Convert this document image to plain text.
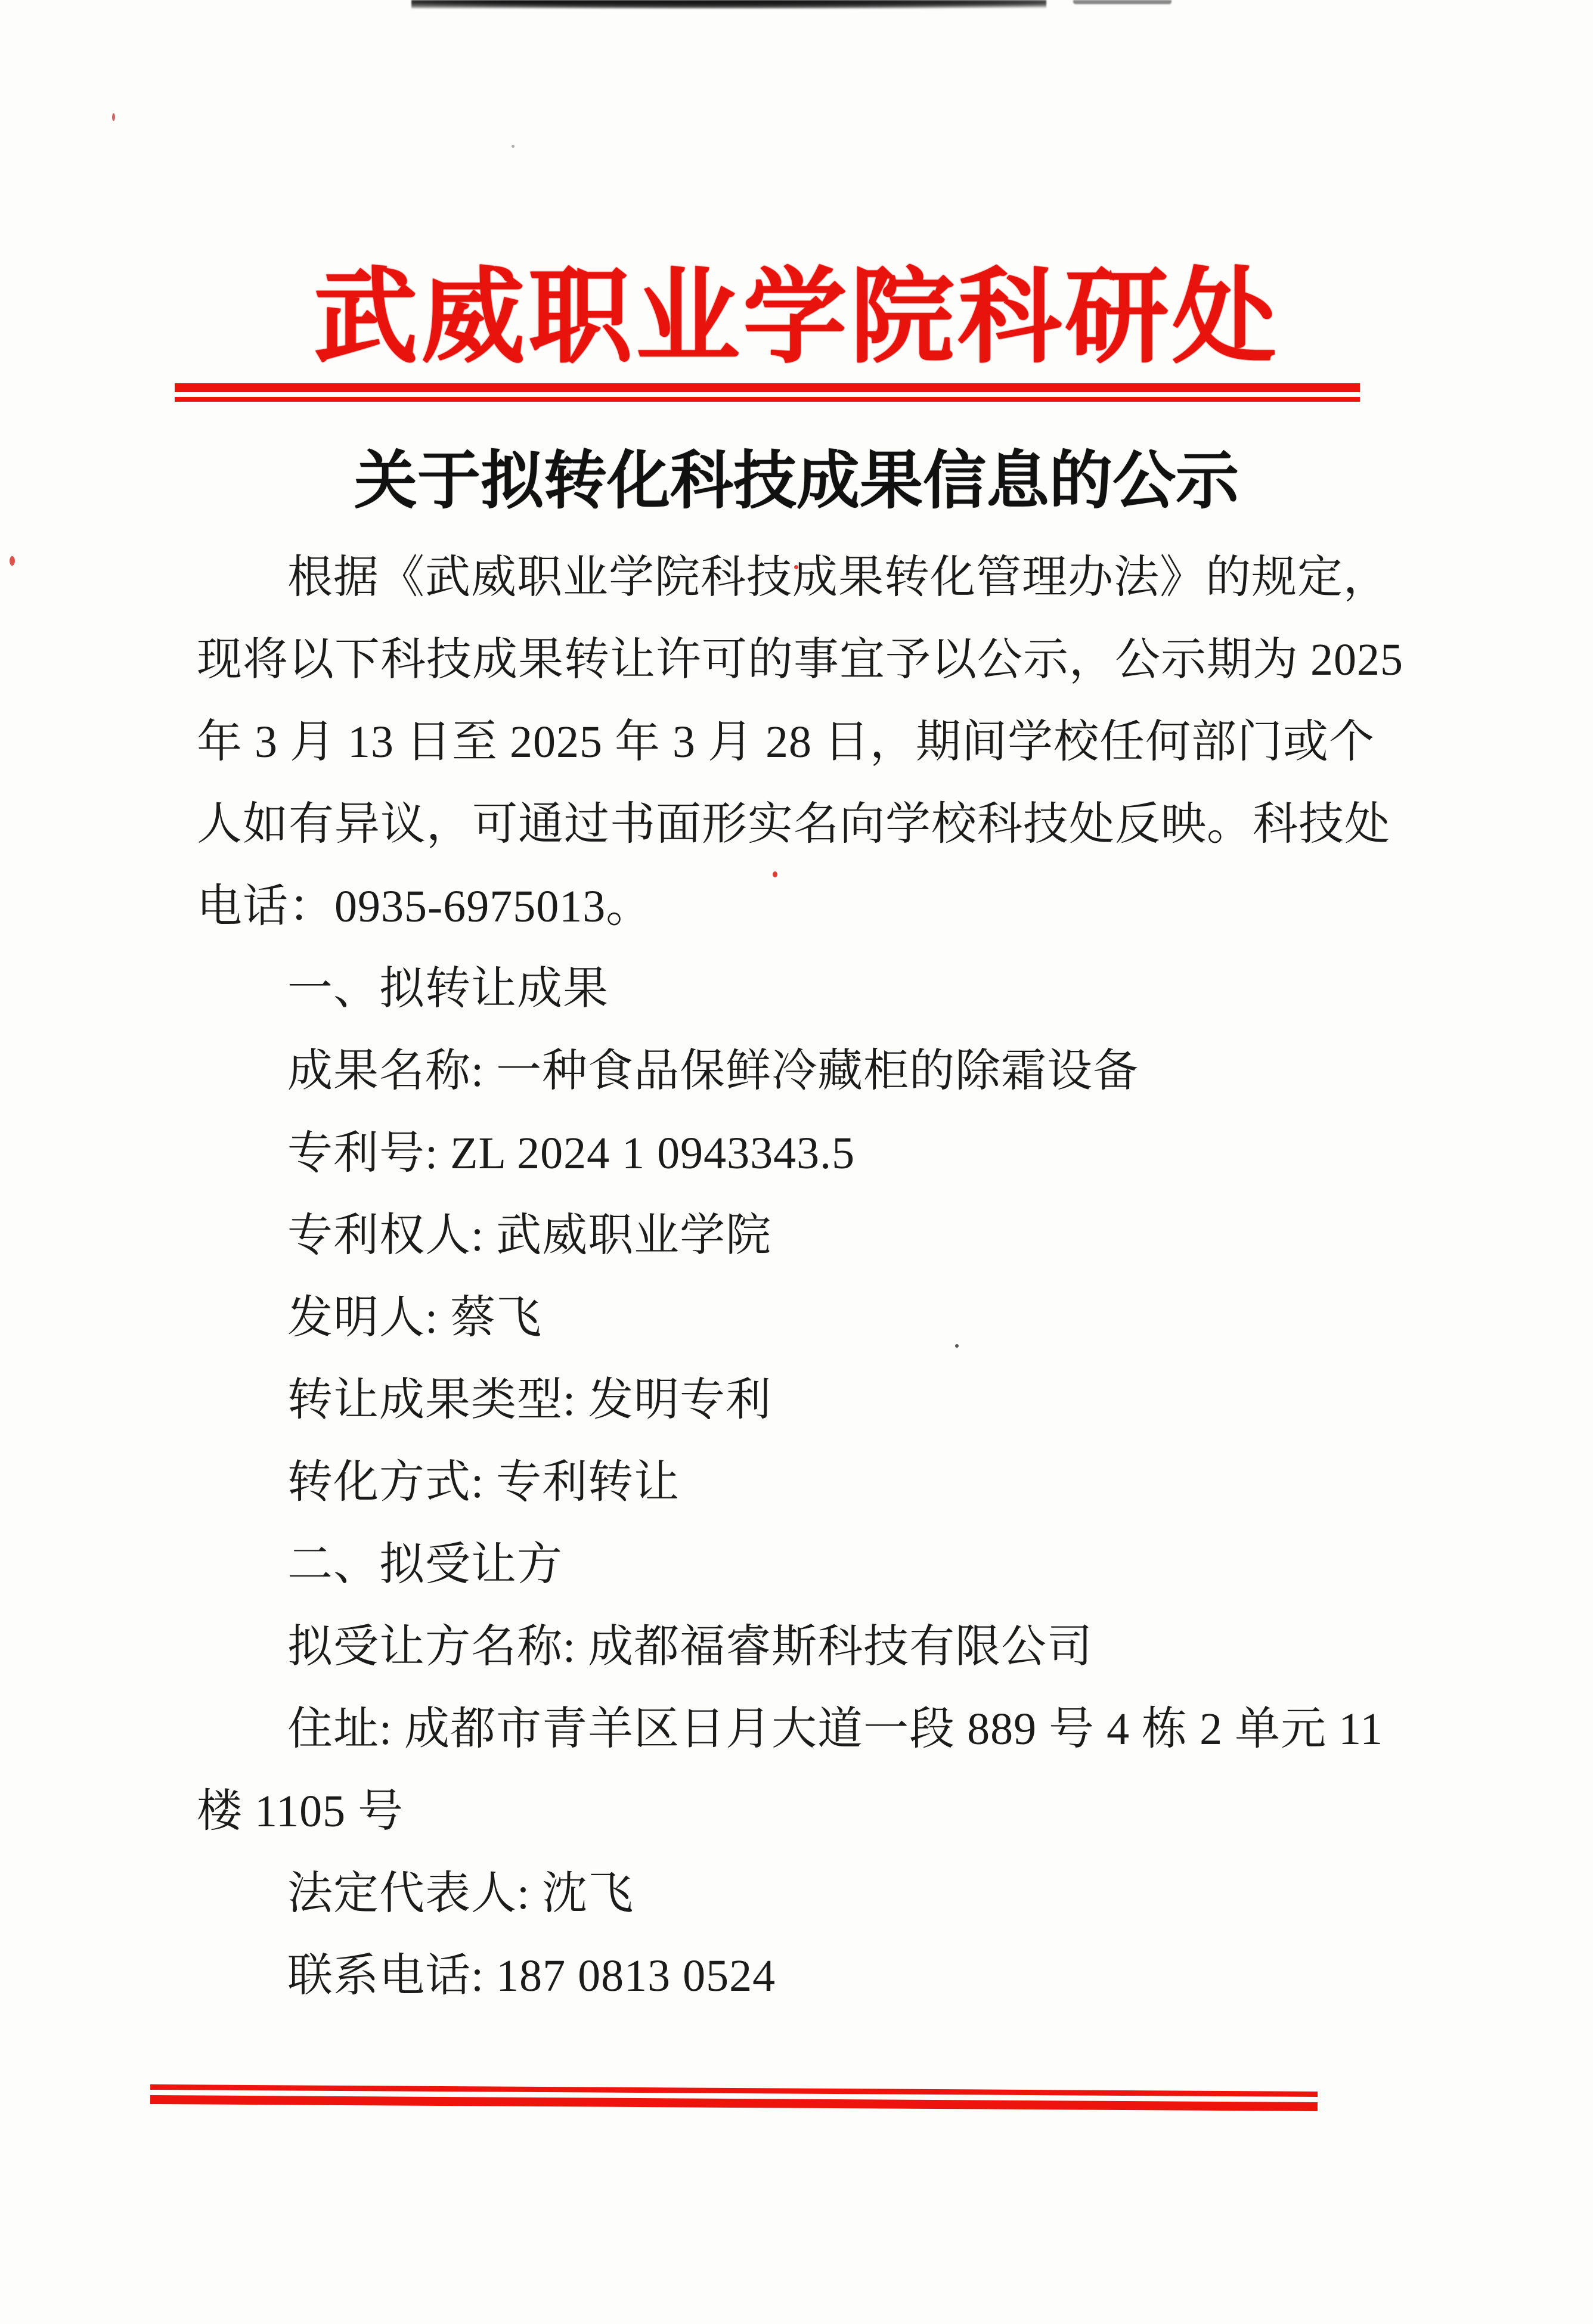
武威职业学院科研处
关于拟转化科技成果信息的公示
根据《武威职业学院科技成果转化管理办法》的规定，
现将以下科技成果转让许可的事宜予以公示，公示期为 2025
年 3 月 13 日至 2025 年 3 月 28 日，期间学校任何部门或个
人如有异议，可通过书面形实名向学校科技处反映。科技处
电话：0935-6975013。
一、拟转让成果
成果名称: 一种食品保鲜冷藏柜的除霜设备
专利号: ZL 2024 1 0943343.5
专利权人: 武威职业学院
发明人: 蔡飞
转让成果类型: 发明专利
转化方式: 专利转让
二、拟受让方
拟受让方名称: 成都福睿斯科技有限公司
住址: 成都市青羊区日月大道一段 889 号 4 栋 2 单元 11
楼 1105 号
法定代表人: 沈飞
联系电话: 187 0813 0524
